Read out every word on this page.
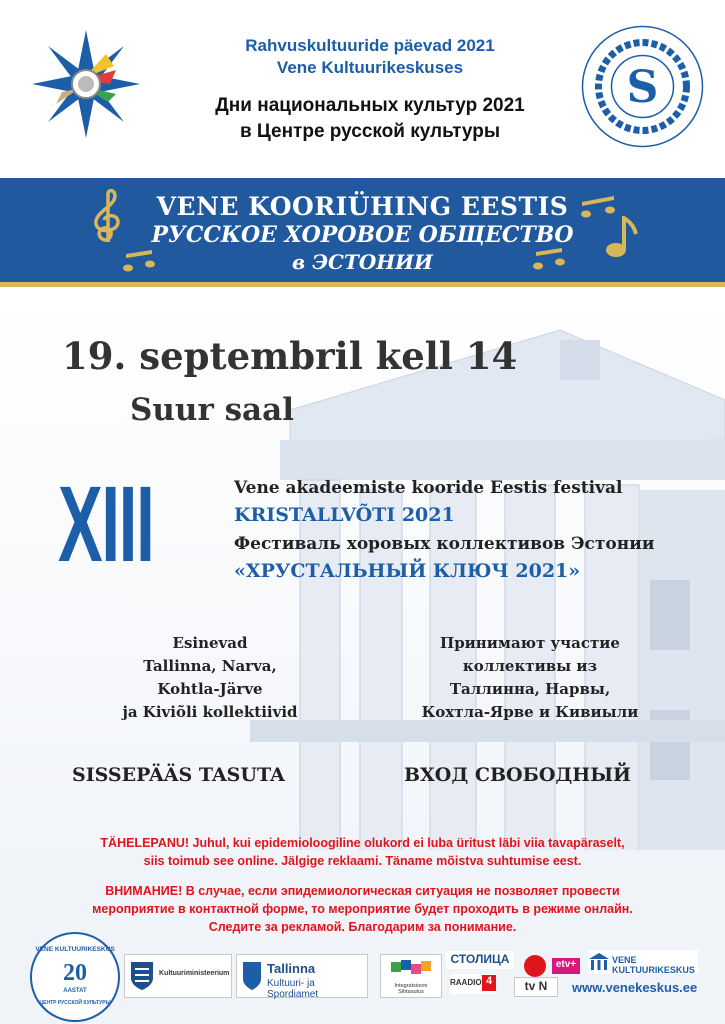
Rahvuskultuuride päevad 2021
Vene Kultuurikeskuses
Дни национальных культур 2021
в Центре русской культуры
S
VENE KOORIÜHING EESTIS
РУССКОЕ ХОРОВОЕ ОБЩЕСТВО
в ЭСТОНИИ
19. septembril kell 14
Suur saal
XIII	Vene akadeemiste kooride Eestis festival
KRISTALLVÕTI 2021
Фестиваль хоровых коллективов Эстонии
«ХРУСТАЛЬНЫЙ КЛЮЧ 2021»
Esinevad
Tallinna, Narva,
Kohtla-Järve
ja Kiviõli kollektiivid
Принимают участие
коллективы из
Таллинна, Нарвы,
Кохтла-Ярве и Кивиыли
SISSEPÄÄS TASUTA	ВХОД СВОБОДНЫЙ
TÄHELEPANU! Juhul, kui epidemioloogiline olukord ei luba üritust läbi viia tavapäraselt,
siis toimub see online. Jälgige reklaami. Täname mõistva suhtumise eest.
ВНИМАНИЕ! В случае, если эпидемиологическая ситуация не позволяет провести
мероприятие в контактной форме, то мероприятие будет проходить в режиме онлайн.
Следите за рекламой. Благодарим за понимание.
VENE KULTUURIKESKUS
20
AASTAT
ЦЕНТР РУССКОЙ КУЛЬТУРЫ
Kultuuriministeerium	Tallinna
Kultuuri- ja Spordiamet
Integratsiooni Sihtasutus
СТОЛИЦА
RAADIO 4
etv+
tv N
VENE KULTUURIKESKUS
www.venekeskus.ee
